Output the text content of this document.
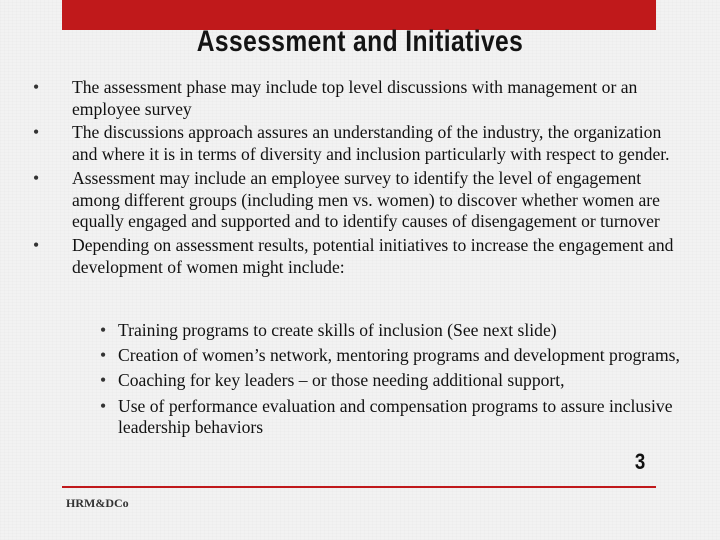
Assessment and Initiatives
• The assessment phase may include top level discussions with management or an employee survey
• The discussions approach assures an understanding of the industry, the organization and where it is in terms of diversity and inclusion particularly with respect to gender.
• Assessment may include an employee survey to identify the level of engagement among different groups (including men vs. women) to discover whether women are equally engaged and supported and to identify causes of disengagement or turnover
• Depending on assessment results, potential initiatives to increase the engagement and development of women might include:
• Training programs to create skills of inclusion (See next slide)
• Creation of women’s network, mentoring programs and development programs,
• Coaching for key leaders – or those needing additional support,
• Use of performance evaluation and compensation programs to assure inclusive leadership behaviors
3
HRM&DCo
